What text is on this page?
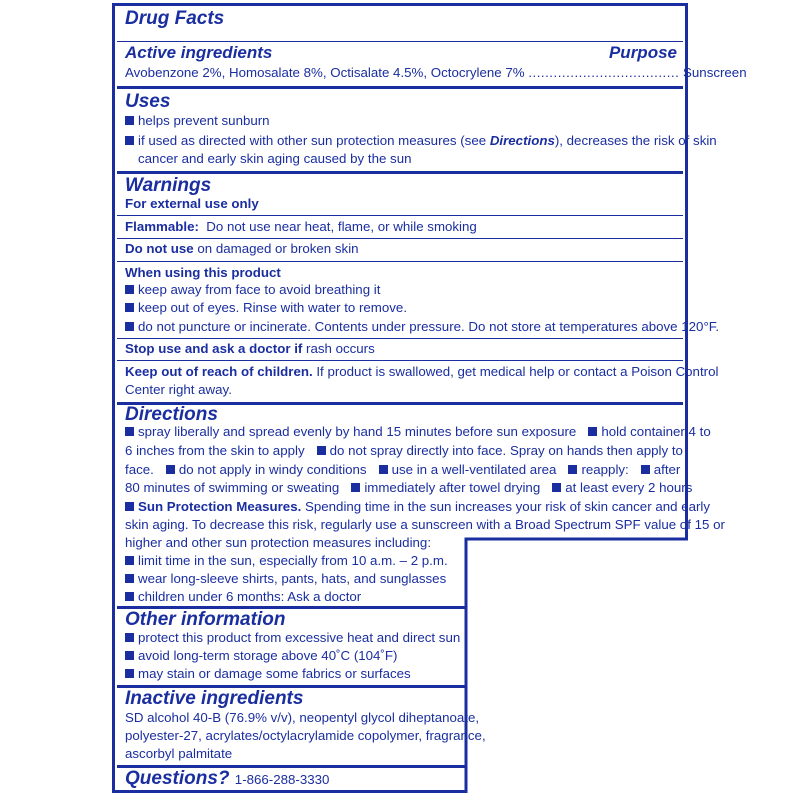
Drug Facts
Active ingredients	Purpose
Avobenzone 2%, Homosalate 8%, Octisalate 4.5%, Octocrylene 7% .................................... Sunscreen
Uses
helps prevent sunburn
if used as directed with other sun protection measures (see Directions), decreases the risk of skin
cancer and early skin aging caused by the sun
Warnings
For external use only
Flammable: Do not use near heat, flame, or while smoking
Do not use on damaged or broken skin
When using this product
keep away from face to avoid breathing it
keep out of eyes. Rinse with water to remove.
do not puncture or incinerate. Contents under pressure. Do not store at temperatures above 120°F.
Stop use and ask a doctor if rash occurs
Keep out of reach of children. If product is swallowed, get medical help or contact a Poison Control
Center right away.
Directions
spray liberally and spread evenly by hand 15 minutes before sun exposure hold container 4 to
6 inches from the skin to apply do not spray directly into face. Spray on hands then apply to
face. do not apply in windy conditions use in a well-ventilated area reapply: after
80 minutes of swimming or sweating immediately after towel drying at least every 2 hours
Sun Protection Measures. Spending time in the sun increases your risk of skin cancer and early
skin aging. To decrease this risk, regularly use a sunscreen with a Broad Spectrum SPF value of 15 or
higher and other sun protection measures including:
limit time in the sun, especially from 10 a.m. – 2 p.m.
wear long-sleeve shirts, pants, hats, and sunglasses
children under 6 months: Ask a doctor
Other information
protect this product from excessive heat and direct sun
avoid long-term storage above 40˚C (104˚F)
may stain or damage some fabrics or surfaces
Inactive ingredients
SD alcohol 40-B (76.9% v/v), neopentyl glycol diheptanoate,
polyester-27, acrylates/octylacrylamide copolymer, fragrance,
ascorbyl palmitate
Questions? 1-866-288-3330
